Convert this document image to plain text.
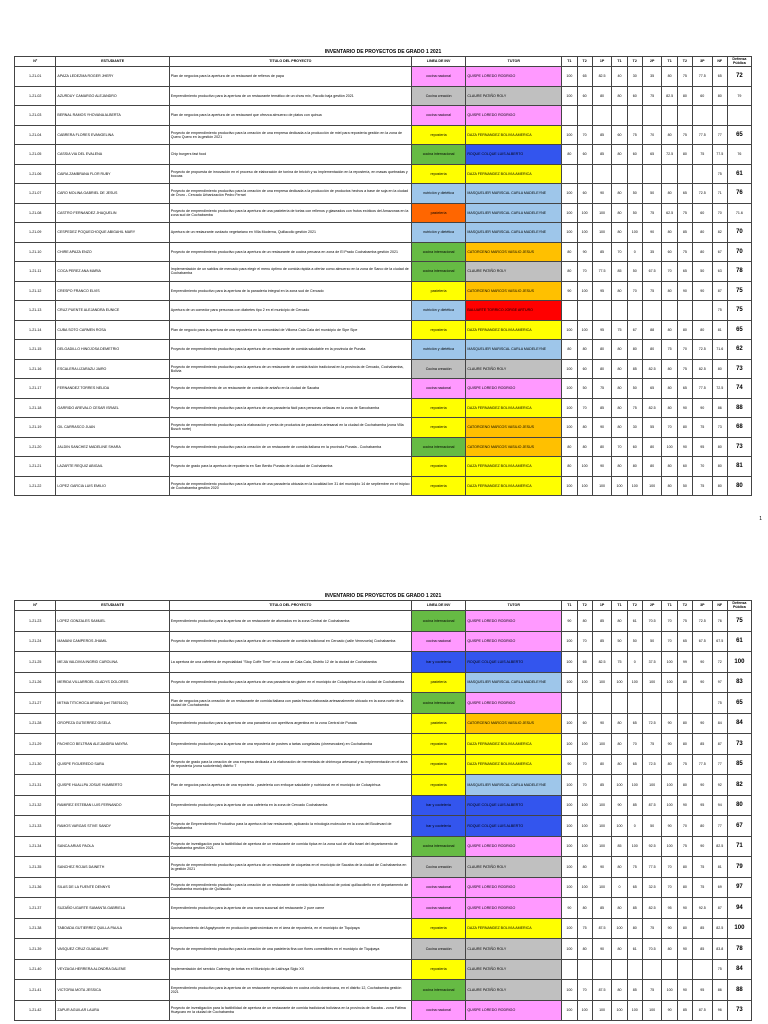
INVENTARIO DE PROYECTOS DE GRADO 1 2021
Nº	ESTUDIANTE	TITULO DEL PROYECTO	LINEA DE INV	TUTOR	T1	T2	1P	T1	T2	2P	T1	T2	3P	NF	Defensa Pública
1-21-01	APAZA LEDEZMA ROGER JHERY	Plan de negocios para la apertura de un restaurant de refieros de papa	cocina nacional	QUISPE LOREDO RODRIGO	100	65	82.5	40	30	35	80	75	77.5	65	72
1-21-02	AZURDUY CAMARGO ALEJANDRO	Emprendimiento productivo para la apertura de un restaurante temático de un chow mix, Pacollo baja gestión 2021	Cocina creación	CLAURE PATIÑO ROLY	100	60	80	80	60	75	82.5	80	60	80	79
1-21-03	BERNAL RAMOS YHOVANA ALBERTA	Plan de negocios para la apertura de un restaurant que ofrezca almuerzo de platos con quinua	cocina nacional	QUISPE LOREDO RODRIGO											
1-21-04	CABRERA FLORES EVANGELINA	Proyecto de emprendimiento productivo para la creación de una empresa dedicada a la producción de miel para repostería gestión en la zona de Quero Quero en la gestión 2021	repostería	DAZA FERNANDEZ BOLIVIA AMERICA	100	70	85	60	75	70	80	75	77.5	77	65
1-21-05	CASSIA VIA DEL EVALENA	Chip burgers fast food	cocina internacional	ROQUE COLQUE LUIS ALBERTO	80	60	85	80	60	65	72.5	80	75	77.5	76
1-21-06	CAIRA ZAMBRANA FLOR RUBY	Proyecto de propuesta de innovación en el proceso de elaboración de tonina de bricioh y su implementación en la repostería, en masas quebradas y bocoas	repostería	DAZA FERNANDEZ BOLIVIA AMERICA										75	61
1-21-07	CARO MOLINA GABRIEL DE JESUS	Proyecto de emprendimiento productivo para la creación de una empresa dedicada a la producción de productos hechos a base de soja en la ciudad de Oruro - Cercado Urbanización Pedro Ferrari	nutrición y dietética	MASQUELIER MARISCAL CARLA MADELEYNE	100	60	90	80	50	50	80	65	72.5	71	76
1-21-08	CASTRO FERNANDEZ JHAQUELIN	Proyecto de emprendimiento productivo para la apertura de una pastelería de tortas con rellenos y glaseados con frutos exóticos del Amazonas en la zona sud de Cochabamba	pastelería	MASQUELIER MARISCAL CARLA MADELEYNE	100	100	100	80	50	75	62.5	75	60	70	71.6
1-21-09	CESPEDEZ POQUECHOQUE ABIGAHIL MARY	Apertura de un restaurante ovolacto vegetariano en Villa Moderna, Quillacollo gestión 2021	nutrición y dietética	MASQUELIER MARISCAL CARLA MADELEYNE	100	100	100	80	100	90	80	85	80	82	70
1-21-10	CHIRE APAZA ENZO	Proyecto de emprendimiento productivo para la apertura de un restaurante de cocina peruana en zona de El Prado Cochabamba gestión 2021	cocina internacional	CATORCENO MARCOS VASILIO JESUS	80	90	85	70	0	35	60	75	80	67	70
1-21-11	COCA PEREZ ANA MARIA	Implementación de un sabilos de mercado para elegir el menu óptimo de comida rápida a ofertar como almuerzo en la zona de Sarco de la ciudad de Cochabamba	cocina internacional	CLAURE PATIÑO ROLY	80	70	77.5	85	50	67.5	70	65	50	63	78
1-21-12	CRESPO FRANCO ELVIS	Emprendimiento productivo para la apertura de la panadería integral en la zona sud de Cercado	pastelería	CATORCENO MARCOS VASILIO JESUS	90	100	95	80	70	75	80	90	90	87	75
1-21-13	CRUZ PUENTE ALEJANDRA EUNICE	Apertura de un comedor para personas con diabetes tipo 2 en el municipio de Cercado	nutrición y dietética	BALUARTE TORRICO JORGE ARTURO										75	75
1-21-14	CUBA SOTO CARMEN ROSA	Plan de negocio para la apertura de una repostería en la comunidad de Villoma Cala Cala del municipio de Sipe Sipe	repostería	DAZA FERNANDEZ BOLIVIA AMERICA	100	100	95	75	67	88	80	80	80	81	65
1-21-15	DELGADILLO HINOJOSA DEMETRIO	Proyecto de emprendimiento productivo para la apertura de un restaurante de comida saludable en la provincia de Punata	nutrición y dietética	MASQUELIER MARISCAL CARLA MADELEYNE	80	80	80	80	80	80	75	70	72.5	71.6	62
1-21-16	ESCALERA LIZARAZU JAIRO	Proyecto de emprendimiento productivo para la apertura de un restaurante de comida fusión tradicional en la provincia de Cercado, Cochabamba, Bolivia	Cocina creación	CLAURE PATIÑO ROLY	100	60	80	80	85	82.5	80	75	82.5	80	73
1-21-17	FERNANDEZ TORRES NELIDA	Proyecto de emprendimiento de un restaurante de comida de antaño en la ciudad de Sacaba	cocina nacional	QUISPE LOREDO RODRIGO	100	50	75	80	50	65	80	65	77.5	72.5	74
1-21-18	GARRIDO AREVALO CESAR ISRAEL	Proyecto de emprendimiento productivo para la apertura de una panadería fácil para personas celiacas en la zona de Sarcobamba	repostería	DAZA FERNANDEZ BOLIVIA AMERICA	100	70	85	80	75	82.5	80	90	90	86	88
1-21-19	GIL CARRASCO JUAN	Proyecto de emprendimiento productivo para la elaboración y venta de productos de panadería artesanal en la ciudad de Cochabamba (zona Villa Busch norte)	repostería	CATORCENO MARCOS VASILIO JESUS	100	80	90	80	30	55	70	80	75	73	68
1-21-20	JALDIN SANCHEZ MADELINE SHARA	Proyecto de emprendimiento productivo para la creación de un restaurante de comida italiana en la provincia Punata - Cochabamba	cocina internacional	CATORCENO MARCOS VASILIO JESUS	80	80	80	70	60	80	100	90	95	80	73
1-21-21	LAZARTE REQUIZ ABIGAIL	Proyecto de grado para la apertura de repostería en San Benito Punata de la ciudad de Cochabamba	repostería	DAZA FERNANDEZ BOLIVIA AMERICA	80	100	90	80	80	80	80	60	70	80	81
1-21-22	LOPEZ GARCIA LUIS EMILIO	Proyecto de emprendimiento productivo para la apertura de una panadería ubicada en la localidad km 31 del municipio 14 de septiembre en el trópico de Cochabamba gestión 2020	repostería	DAZA FERNANDEZ BOLIVIA AMERICA	100	100	100	100	100	100	80	50	75	80	80
1
INVENTARIO DE PROYECTOS DE GRADO 1 2021
Nº	ESTUDIANTE	TITULO DEL PROYECTO	LINEA DE INV	TUTOR	T1	T2	1P	T1	T2	2P	T1	T2	3P	NF	Defensa Pública
1-21-23	LOPEZ GONZALES SAMUEL	Emprendimiento productivo para la apertura de un restaurante de afumados en la zona Central de Cochabamba	cocina internacional	QUISPE LOREDO RODRIGO	90	80	85	80	61	70.5	70	75	72.5	76	75
1-21-24	MAMANI CAMPEROS JHAMIL	Proyecto de emprendimiento productivo para la apertura de un restaurante de comida tradicional en Cercado (calle Venezuela) Cochabamba	cocina nacional	QUISPE LOREDO RODRIGO	100	70	85	50	50	50	70	65	67.5	67.5	61
1-21-25	MEJIA VALDIVIA INGRID CAROLINA	La apertura de una cafetería de especialidad "Stop Coffe Time" en la zona de Cala Cala, Distrito 12 de la ciudad de Cochabamba	bar y coctelería	ROQUE COLQUE LUIS ALBERTO	100	65	82.5	75	0	37.5	100	99	90	72	100
1-21-26	MERIDA VILLARROEL GLADYS DOLORES	Proyecto de emprendimiento productivo para la apertura de una panadería sin gluten en el municipio de Colcapirhua en la ciudad de Cochabamba	pastelería	MASQUELIER MARISCAL CARLA MADELEYNE	100	100	100	100	100	100	100	80	90	97	83
1-21-27	MITMA TITICHOCA ARIANA (cel 75876102)	Plan de negocios para la creación de un restaurante de comida italiana con pasta fresca elaborada artesanalmente ubicado en la zona norte de la ciudad de Cochabamba	cocina internacional	QUISPE LOREDO RODRIGO										75	65
1-21-28	OROPEZA GUTIERREZ GISELA	Emprendimiento productivo para la apertura de una panadería con aperitivos argentina en la zona Central de Punata	pastelería	CATORCENO MARCOS VASILIO JESUS	100	60	90	80	65	72.5	90	80	90	84	84
1-21-29	PACHECO BELTRAN ALEJANDRA MAYRA	Emprendimiento productivo para la apertura de una repostería de postres a tartas congeladas (cheesecakes) en Cochabamba	repostería	DAZA FERNANDEZ BOLIVIA AMERICA	100	100	100	80	70	75	90	80	85	87	73
1-21-30	QUISPE FIGUEREDO SARA	Proyecto de grado para la creación de una empresa dedicada a la elaboración de mermelada de chirimoya artesanal y su implementación en el área de repostería (zona sudoriental) distrito 7	repostería	DAZA FERNANDEZ BOLIVIA AMERICA	90	70	80	80	65	72.5	80	75	77.5	77	85
1-21-31	QUISPE HUALLPA JOSUE HUMBERTO	Plan de negocios para la apertura de una repostería - pastelería con enfoque saludable y nutricional en el municipio de Colcapirhua	repostería	MASQUELIER MARISCAL CARLA MADELEYNE	100	70	85	100	100	100	100	80	90	92	82
1-21-32	RAMIREZ ESTEBAN LUIS FERNANDO	Emprendimiento productivo para la apertura de una cafetería en la zona de Cercado Cochabamba	bar y coctelería	ROQUE COLQUE LUIS ALBERTO	100	100	100	90	85	87.5	100	90	95	94	80
1-21-33	RAMOS VARGAS STIVE SANDY	Proyecto de Emprendimiento Productivo para la apertura de bar restaurante, aplicando la mixología molecular en la zona del Boulevard de Cochabamba	bar y coctelería	ROQUE COLQUE LUIS ALBERTO	100	100	100	100	0	50	90	70	80	77	67
1-21-34	SANCA ARIAS PAOLA	Proyecto de investigación para la factibilidad de apertura de un restaurante de comida típica en la zona sud de villa Israel del departamento de Cochabamba gestión 2021	cocina internacional	QUISPE LOREDO RODRIGO	100	100	100	85	100	92.5	100	75	90	82.5	71
1-21-35	SANCHEZ ROJAS DAINETH	Proyecto de emprendimiento productivo para la apertura de un restaurante de cóquetas en el municipio de Sacaba de la ciudad de Cochabamba en la gestión 2021	Cocina creación	CLAURE PATIÑO ROLY	100	80	90	80	75	77.5	70	80	75	81	79
1-21-36	SILAS DE LA FUENTE DENNYS	Proyecto de emprendimiento productivo para la creación de un restaurante de comida típica tradicional de potosí quillacolleño en el departamento de Cochabamba municipio de Quillacollo	cocina nacional	QUISPE LOREDO RODRIGO	100	100	100	0	65	32.5	70	80	75	69	97
1-21-37	SUZAÑO UGARTE SAMANTA GABRIELA	Emprendimiento productivo para la apertura de una nueva sucursal del restaurante 2 pure carne	cocina nacional	QUISPE LOREDO RODRIGO	90	80	85	80	85	82.5	95	90	92.5	87	94
1-21-38	TABOADA GUTIERREZ QUILLA PAULA	Aprovechamiento del Agaylynonte en producción gastronómicas en el área de repostería, en el municipio de Tiquipaya	repostería	DAZA FERNANDEZ BOLIVIA AMERICA	100	75	87.5	100	80	75	90	80	85	82.5	100
1-21-39	VASQUEZ CRUZ GUADALUPE	Proyecto de emprendimiento productivo para la creación de una pastelería fina con flores comestibles en el municipio de Tiquipaya	Cocina creación	CLAURE PATIÑO ROLY	100	80	90	80	61	70.5	80	90	85	83.8	78
1-21-40	VEYZAGA HERRERA ALONDRA DALENE	Implementación del servicio Catering de tortas en el Municipio de Lakhuya Siglo XX	repostería	CLAURE PATIÑO ROLY										75	84
1-21-41	VICTORIA MOTA JESSICA	Emprendimiento productivo para la apertura de un restaurante especializado en cocina criolla dominicana, en el distrito 12, Cochabamba gestión 2021	cocina internacional	CLAURE PATIÑO ROLY	100	70	87.5	80	85	75	100	90	95	86	88
1-21-42	ZAPUR AGUILAR LAURA	Proyecto de investigación para la factibilidad de apertura de un restaurante de comida tradicional boliviana en la provincia de Sacaba - zona Fátima Huaycaro en la ciudad de Cochabamba	cocina nacional	QUISPE LOREDO RODRIGO	100	100	100	100	100	100	90	85	87.5	96	73
